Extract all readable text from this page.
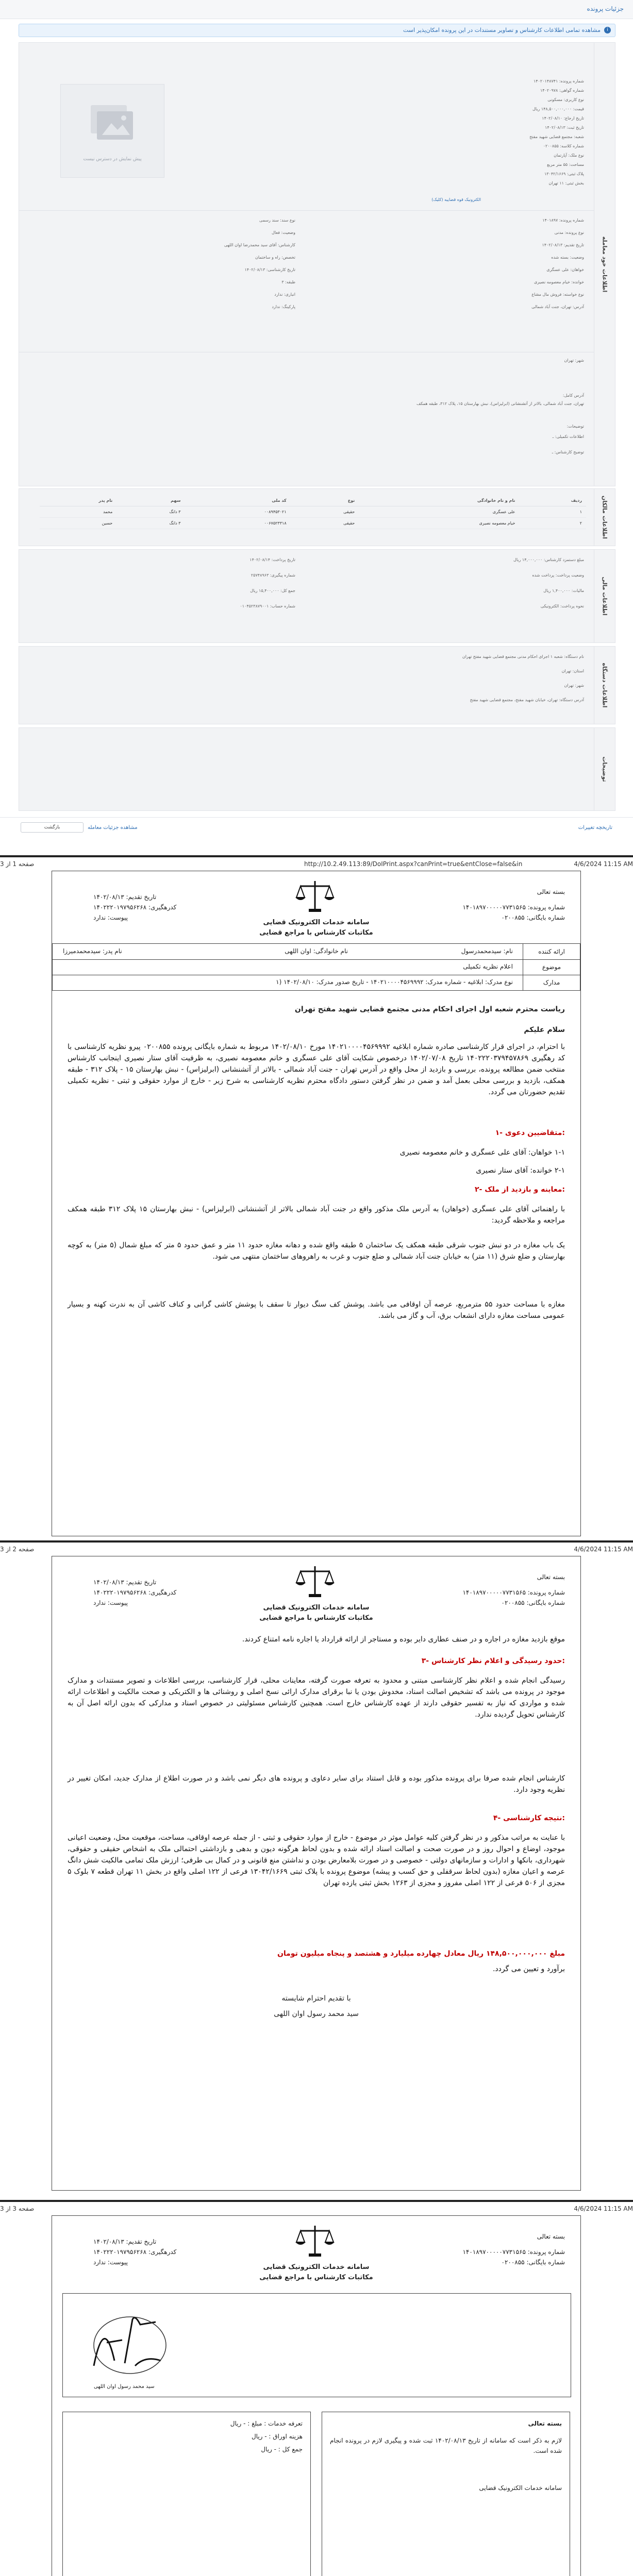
جزئیات پرونده
i
مشاهده تمامی اطلاعات کارشناس و تصاویر مستندات در این پرونده امکان‌پذیر است
اطلاعات خود معامله
پیش نمایش در دسترس نیست
شماره پرونده: ۱۴۰۲۰۱۴۸۷۴۱
شماره گواهی: ۱۴۰۲۰۹۷۸
نوع کاربری: مسکونی
قیمت: ۱۴۸,۵۰۰,۰۰۰,۰۰۰ ریال
تاریخ ارجاع: ۱۴۰۲/۰۸/۱۰
تاریخ ثبت: ۱۴۰۲/۰۸/۱۳
شعبه: مجتمع قضایی شهید مفتح
شماره کلاسه: ۰۲۰۰۸۵۵
نوع ملک: آپارتمان
مساحت: ۵۵ متر مربع
پلاک ثبتی: ۱۳۰۴۲/۱۶۶۹
بخش ثبتی: ۱۱ تهران
(کلیک) الکترونیک قوه قضاییه
نوع سند: سند رسمی
وضعیت: فعال
کارشناس: آقای سید محمدرضا اوان اللهی
تخصص: راه و ساختمان
تاریخ کارشناسی: ۱۴۰۲/۰۸/۱۳
طبقه: ۳
انباری: ندارد
پارکینگ: ندارد
شماره پرونده: ۱۴۰۱۸۹۷
نوع پرونده: مدنی
تاریخ تقدیم: ۱۴۰۲/۰۸/۱۳
وضعیت: بسته شده
خواهان: علی عسگری
خوانده: خیام معصومه نصیری
نوع خواسته: فروش مال مشاع
آدرس: تهران، جنت آباد شمالی
شهر: تهران
آدرس کامل:
تهران، جنت آباد شمالی، بالاتر از آتشنشانی (ابرلیزاس)، نبش بهارستان ۱۵، پلاک ۳۱۲، طبقه همکف
اطلاعات تکمیلی: ـ
توضیح کارشناس: ـ
توضیحات:
اطلاعات مالکان
ردیف	نام و نام خانوادگی	نوع	کد ملی	سهم	نام پدر
۱	علی عسگری	حقیقی	۰۰۸۹۴۵۳۰۲۱	۳ دانگ	محمد
۲	خیام معصومه نصیری	حقیقی	۰۰۶۷۵۲۳۳۱۸	۳ دانگ	حسین
اطلاعات مالی
مبلغ دستمزد کارشناس: ۱۴,۰۰۰,۰۰۰ ریال
تاریخ پرداخت: ۱۴۰۲/۰۸/۱۴
وضعیت پرداخت: پرداخت شده
شماره پیگیری: ۲۵۷۴۸۹۶۳
مالیات: ۱,۴۰۰,۰۰۰ ریال
جمع کل: ۱۵,۴۰۰,۰۰۰ ریال
نحوه پرداخت: الکترونیکی
شماره حساب: ۰۱۰۴۵۲۳۸۷۹۰۰۱
اطلاعات دستگاه
نام دستگاه: شعبه ۱ اجرای احکام مدنی مجتمع قضایی شهید مفتح تهران
استان: تهران
شهر: تهران
آدرس دستگاه: تهران، خیابان شهید مفتح، مجتمع قضایی شهید مفتح
توضیحات
بازگشت	مشاهده جزئیات معامله	تاریخچه تغییرات
صفحه 1 از 3	http://10.2.49.113:89/DoIPrint.aspx?canPrint=true&entClose=false&in	4/6/2024 11:15 AM
بسته تعالی
شماره پرونده: ۱۴۰۱۸۹۷۰۰۰۰۰۷۷۳۱۵۶۵
شماره بایگانی: ۰۲۰۰۸۵۵
سامانه خدمات الکترونیک قضایی
مکاتبات کارشناس با مراجع قضایی
تاریخ تقدیم: ۱۴۰۲/۰۸/۱۳
کدرهگیری: ۱۴۰۲۲۲۰۱۹۷۹۵۶۲۶۸
پیوست: ندارد
ارائه کننده
نام: سیدمحمدرسول
نام خانوادگی: اوان اللهی
نام پدر: سیدمحمدمیرزا
موضوع
اعلام نظریه تکمیلی
مدارک
۱) نوع مدرک: ابلاغیه - شماره مدرک: ۱۴۰۲۱۰۰۰۰۴۵۶۹۹۹۲ - تاریخ صدور مدرک: ۱۴۰۲/۰۸/۱۰
ریاست محترم شعبه اول اجرای احکام مدنی مجتمع قضایی شهید مفتح تهران
سلام علیکم
با احترام، در اجرای قرار کارشناسی صادره شماره ابلاغیه ۱۴۰۲۱۰۰۰۰۴۵۶۹۹۹۲ مورخ ۱۴۰۲/۰۸/۱۰ مربوط به شماره بایگانی پرونده ۰۲۰۰۸۵۵ پیرو نظریه کارشناسی با کد رهگیری ۱۴۰۲۲۲۰۳۷۹۴۵۷۸۶۹ تاریخ ۱۴۰۲/۰۷/۰۸ درخصوص شکایت آقای علی عسگری و خانم معصومه نصیری، به ظرفیت آقای ستار نصیری اینجانب کارشناس منتخب ضمن مطالعه پرونده، بررسی و بازدید از محل واقع در آدرس تهران - جنت آباد شمالی - بالاتر از آتشنشانی (ابرلیزاس) - نبش بهارستان ۱۵ - پلاک ۳۱۲ - طبقه همکف، بازدید و بررسی محلی بعمل آمد و ضمن در نظر گرفتن دستور دادگاه محترم نظریه کارشناسی به شرح زیر - خارج از موارد حقوقی و ثبتی - نظریه تکمیلی تقدیم حضورتان می گردد.
۱- متقاضیین دعوی:
۱-۱ خواهان: آقای علی عسگری و خانم معصومه نصیری
۲-۱ خوانده: آقای ستار نصیری
۲- معاینه و بازدید از ملک:
با راهنمائی آقای علی عسگری (خواهان) به آدرس ملک مذکور واقع در جنت آباد شمالی بالاتر از آتشنشانی (ابرلیزاس) - نبش بهارستان ۱۵ پلاک ۳۱۲ طبقه همکف مراجعه و ملاحظه گردید:
یک باب مغازه در دو نبش جنوب شرقی طبقه همکف یک ساختمان ۵ طبقه واقع شده و دهانه مغازه حدود ۱۱ متر و عمق حدود ۵ متر که مبلغ شمال (۵ متر) به کوچه بهارستان و ضلع شرق (۱۱ متر) به خیابان جنت آباد شمالی و ضلع جنوب و غرب به راهروهای ساختمان منتهی می شود.
مغازه با مساحت حدود ۵۵ مترمربع، عرصه آن اوقافی می باشد. پوشش کف سنگ دیوار تا سقف با پوشش کاشی گرانی و کناف کاشی آن به ندرت کهنه و بسیار عمومی مساحت مغازه دارای انشعاب برق، آب و گاز می باشد.
صفحه 2 از 3	4/6/2024 11:15 AM
بسته تعالی
شماره پرونده: ۱۴۰۱۸۹۷۰۰۰۰۰۷۷۳۱۵۶۵
شماره بایگانی: ۰۲۰۰۸۵۵
سامانه خدمات الکترونیک قضایی
مکاتبات کارشناس با مراجع قضایی
تاریخ تقدیم: ۱۴۰۲/۰۸/۱۳
کدرهگیری: ۱۴۰۲۲۲۰۱۹۷۹۵۶۲۶۸
پیوست: ندارد
موقع بازدید مغازه در اجاره و در صنف عطاری دایر بوده و مستاجر از ارائه قرارداد یا اجاره نامه امتناع کردند.
۳- حدود رسیدگی و اعلام نظر کارشناس:
رسیدگی انجام شده و اعلام نظر کارشناسی مبتنی و محدود به تعرفه صورت گرفته، معاینات محلی، قرار کارشناسی، بررسی اطلاعات و تصویر مستندات و مدارک موجود در پرونده می باشد که تشخیص اصالت اسناد، مخدوش بودن یا نبا برقرای مدارک ارائی نسخ اصلی و روشنائی ها و الکتریکی و صحت مالکیت و اطلاعات ارائه شده و مواردی که نیاز به تفسیر حقوقی دارند از عهده کارشناس خارج است. همچنین کارشناس مسئولیتی در خصوص اسناد و مدارکی که بدون ارائه اصل آن به کارشناس تحویل گردیده ندارد.
کارشناس انجام شده صرفا برای پرونده مذکور بوده و قابل استناد برای سایر دعاوی و پرونده های دیگر نمی باشد و در صورت اطلاع از مدارک جدید، امکان تغییر در نظریه وجود دارد.
۴- نتیجه کارشناسی:
با عنایت به مراتب مذکور و در نظر گرفتن کلیه عوامل موثر در موضوع - خارج از موارد حقوقی و ثبتی - از جمله عرصه اوقافی، مساحت، موقعیت محل، وضعیت اعیانی موجود، اوضاع و احوال روز و در صورت صحت و اصالت اسناد ارائه شده و بدون لحاظ هرگونه دیون و بدهی و بازداشتی احتمالی ملک به اشخاص حقیقی و حقوقی، شهرداری، بانکها و ادارات و سازمانهای دولتی - خصوصی و در صورت بلامعارض بودن و نداشتن منع قانونی و در کمال بی طرفی؛ ارزش ملک تمامی مالکیت شش دانگ عرصه و اعیان مغازه (بدون لحاظ سرقفلی و حق کسب و پیشه) موضوع پرونده با پلاک ثبتی ۱۳۰۴۲/۱۶۶۹ فرعی از ۱۲۲ اصلی واقع در بخش ۱۱ تهران قطعه ۷ بلوک ۵ مجزی از ۵۰۶ فرعی از ۱۲۲ اصلی مفروز و مجزی از ۱۲۶۳ بخش ثبتی یازده تهران
مبلغ ۱۴۸,۵۰۰,۰۰۰,۰۰۰ ریال معادل چهارده میلیارد و هشتصد و پنجاه میلیون تومان
برآورد و تعیین می گردد.
با تقدیم احترام شایسته
سید محمد رسول اوان اللهی
صفحه 3 از 3	4/6/2024 11:15 AM
بسته تعالی
شماره پرونده: ۱۴۰۱۸۹۷۰۰۰۰۰۷۷۳۱۵۶۵
شماره بایگانی: ۰۲۰۰۸۵۵
سامانه خدمات الکترونیک قضایی
مکاتبات کارشناس با مراجع قضایی
تاریخ تقدیم: ۱۴۰۲/۰۸/۱۳
کدرهگیری: ۱۴۰۲۲۲۰۱۹۷۹۵۶۲۶۸
پیوست: ندارد
سید محمد رسول اوان اللهی
بسته تعالی
لازم به ذکر است که سامانه از تاریخ ۱۴۰۲/۰۸/۱۳ ثبت شده و پیگیری لازم در پرونده انجام شده است.
سامانه خدمات الکترونیک قضایی
تعرفه خدمات : مبلغ : - ریال
هزینه اوراق : - ریال
جمع کل : - ریال
